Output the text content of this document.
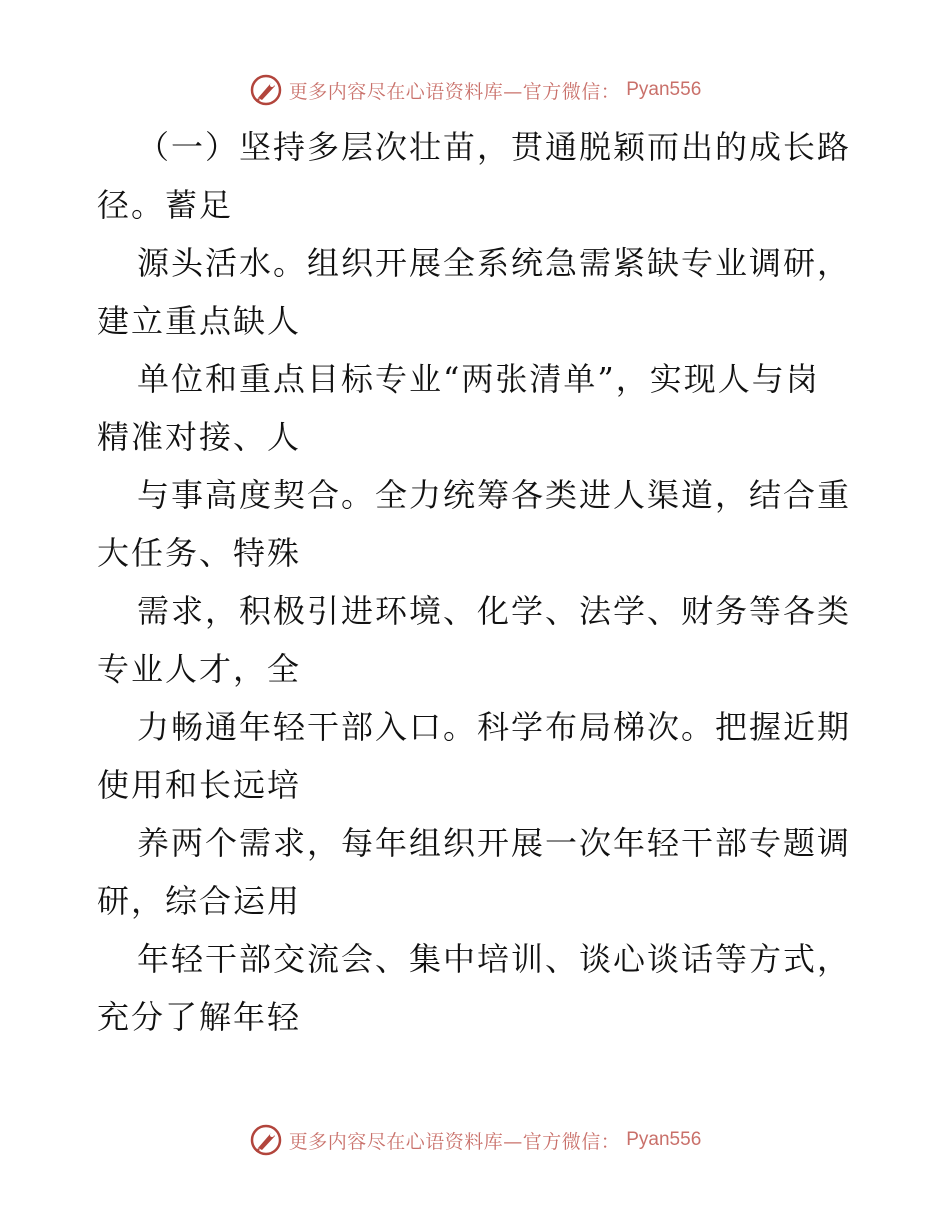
更多内容尽在心语资料库—官方微信： Pyan556
（一）坚持多层次壮苗，贯通脱颖而出的成长路
径。蓄足
源头活水。组织开展全系统急需紧缺专业调研，
建立重点缺人
单位和重点目标专业“两张清单”，实现人与岗
精准对接、人
与事高度契合。全力统筹各类进人渠道，结合重
大任务、特殊
需求，积极引进环境、化学、法学、财务等各类
专业人才，全
力畅通年轻干部入口。科学布局梯次。把握近期
使用和长远培
养两个需求，每年组织开展一次年轻干部专题调
研，综合运用
年轻干部交流会、集中培训、谈心谈话等方式，
充分了解年轻
更多内容尽在心语资料库—官方微信： Pyan556
